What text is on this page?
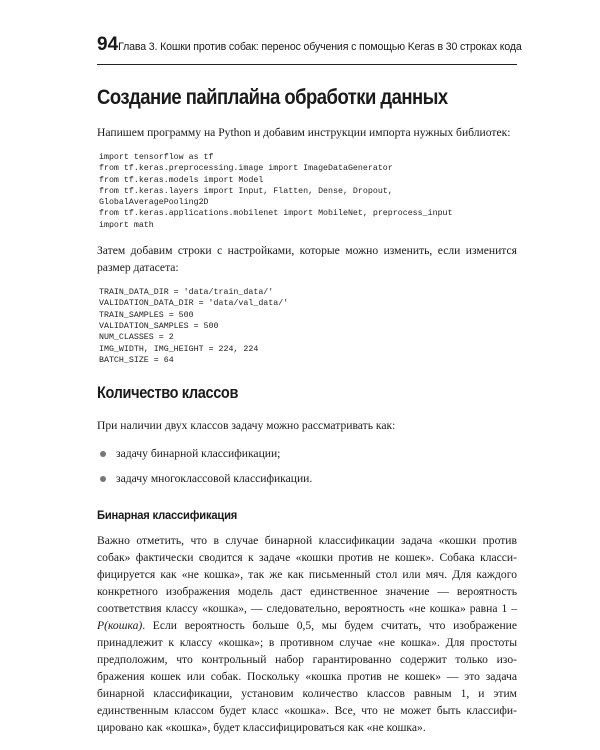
94 Глава 3. Кошки против собак: перенос обучения с помощью Keras в 30 строках кода
Создание пайплайна обработки данных

Напишем программу на Python и добавим инструкции импорта нужных библиотек:

import tensorflow as tf
from tf.keras.preprocessing.image import ImageDataGenerator
from tf.keras.models import Model
from tf.keras.layers import Input, Flatten, Dense, Dropout,
GlobalAveragePooling2D
from tf.keras.applications.mobilenet import MobileNet, preprocess_input
import math

Затем добавим строки с настройками, которые можно изменить, если изменится размер датасета:

TRAIN_DATA_DIR = 'data/train_data/'
VALIDATION_DATA_DIR = 'data/val_data/'
TRAIN_SAMPLES = 500
VALIDATION_SAMPLES = 500
NUM_CLASSES = 2
IMG_WIDTH, IMG_HEIGHT = 224, 224
BATCH_SIZE = 64
Количество классов

При наличии двух классов задачу можно рассматривать как:

задачу бинарной классификации;
задачу многоклассовой классификации.
Бинарная классификация

Важно отметить, что в случае бинарной классификации задача «кошки против собак» фактически сводится к задаче «кошки против не кошек». Собака классифицируется как «не кошка», так же как письменный стол или мяч. Для каждого конкретного изображения модель даст единственное значение — вероятность соответствия классу «кошка», — следовательно, вероятность «не кошка» равна 1 – P(кошка). Если вероятность больше 0,5, мы будем считать, что изображение принадлежит к классу «кошка»; в противном случае «не кошка». Для простоты предположим, что контрольный набор гарантированно содержит только изображения кошек или собак. Поскольку «кошка против не кошек» — это задача бинарной классификации, установим количество классов равным 1, и этим единственным классом будет класс «кошка». Все, что не может быть классифицировано как «кошка», будет классифицироваться как «не кошка».
